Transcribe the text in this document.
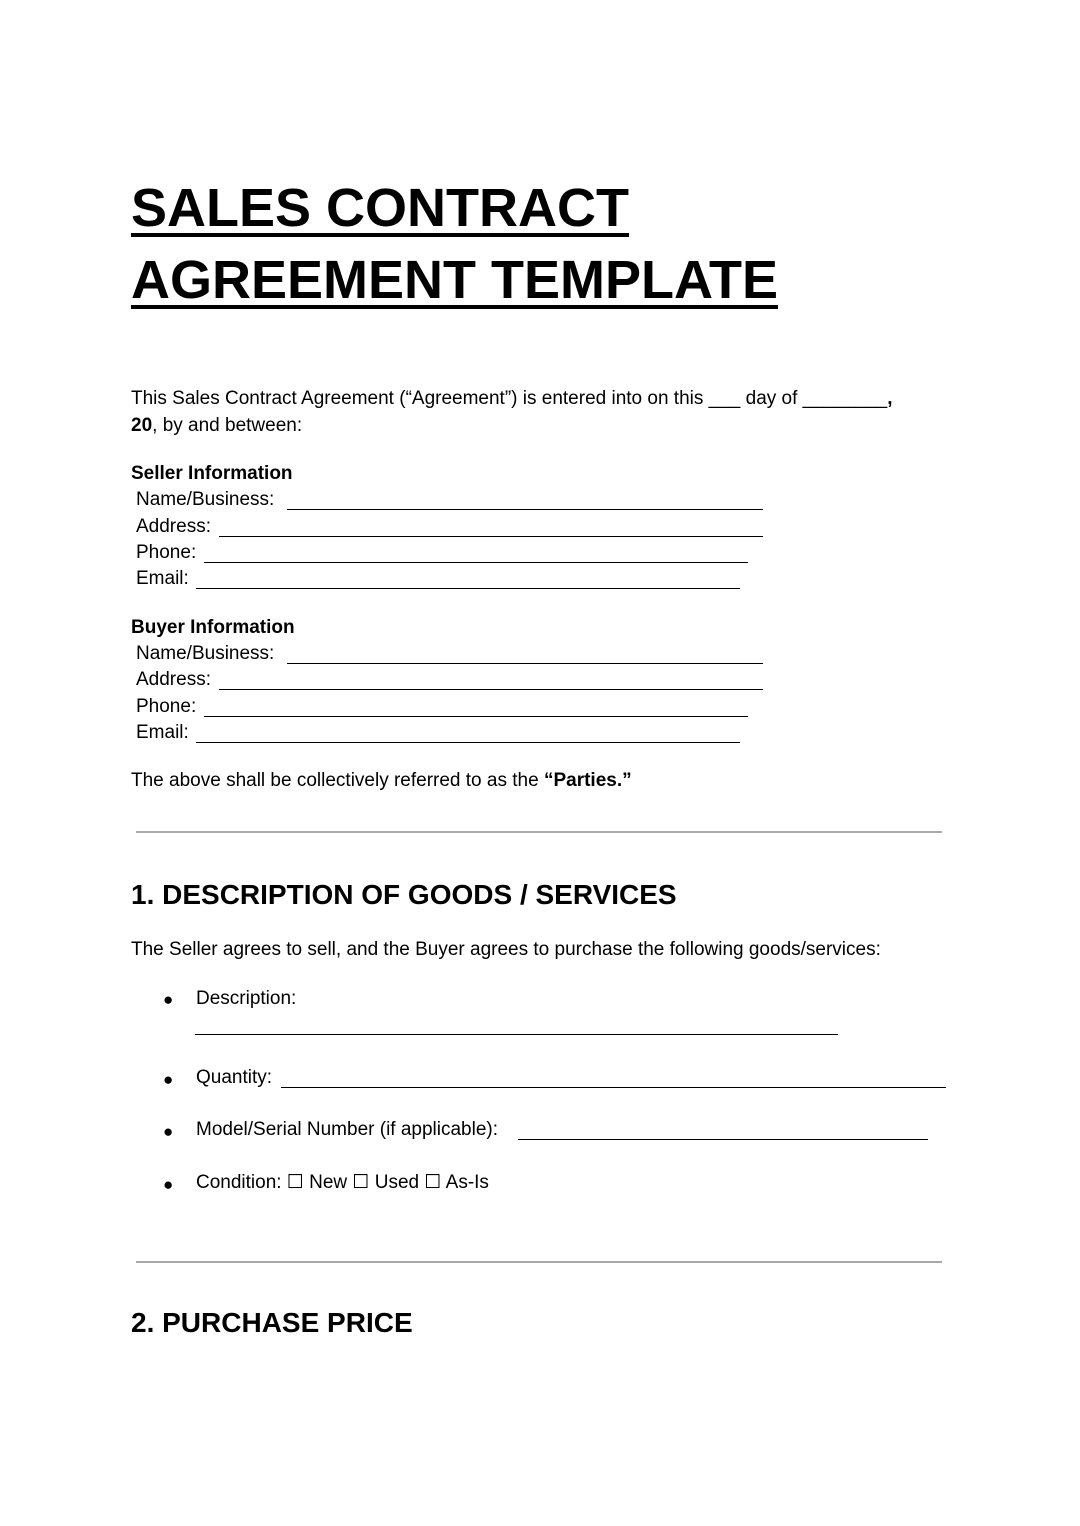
SALES CONTRACT
AGREEMENT TEMPLATE

This Sales Contract Agreement (“Agreement”) is entered into on this ___ day of ________,

20, by and between:

Seller Information

Name/Business:

Address:

Phone:

Email:

Buyer Information

Name/Business:

Address:

Phone:

Email:

The above shall be collectively referred to as the “Parties.”

1. DESCRIPTION OF GOODS / SERVICES

The Seller agrees to sell, and the Buyer agrees to purchase the following goods/services:

● Description:

● Quantity:

● Model/Serial Number (if applicable):

● Condition: ☐ New ☐ Used ☐ As-Is

2. PURCHASE PRICE
